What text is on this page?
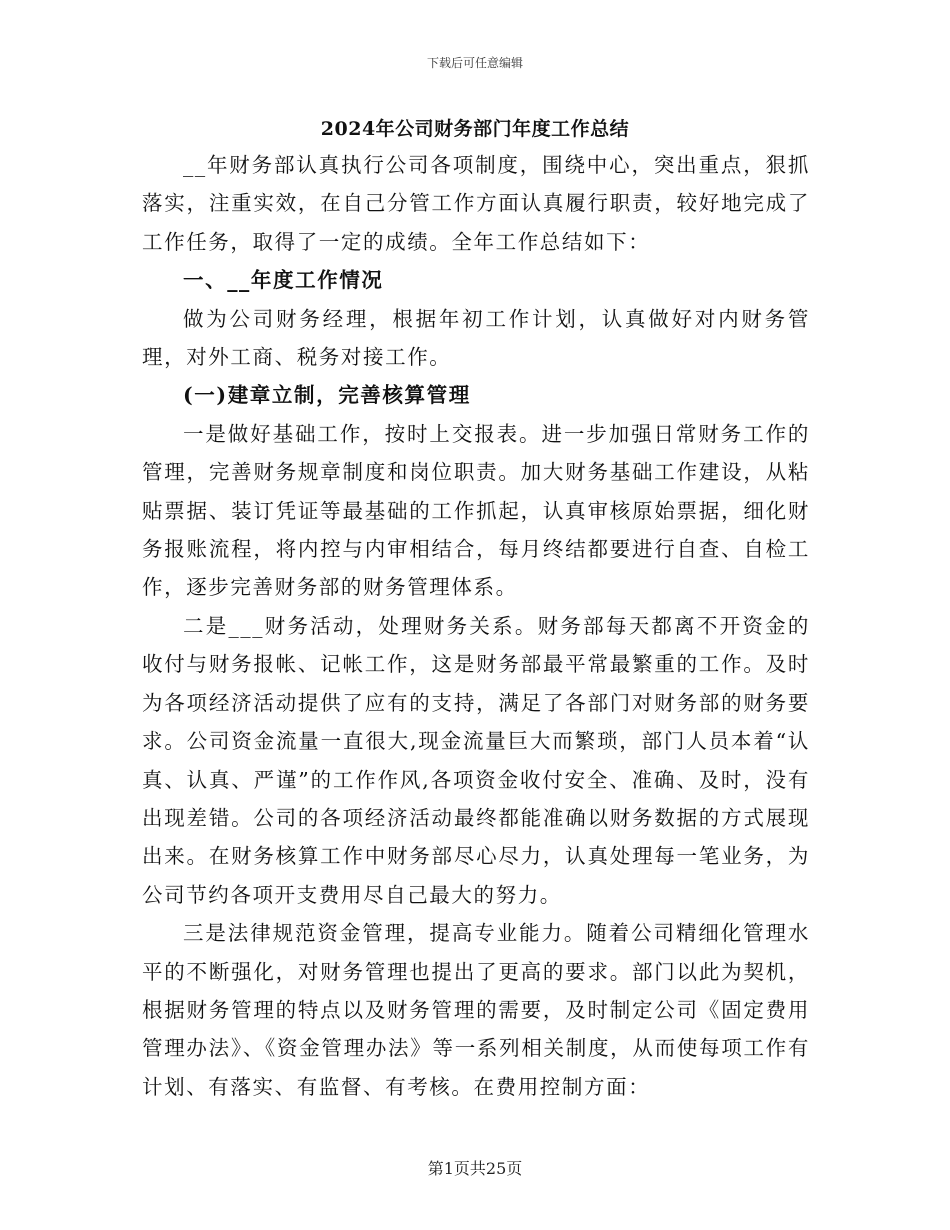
下载后可任意编辑
2024年公司财务部门年度工作总结

__年财务部认真执行公司各项制度，围绕中心，突出重点，狠抓落实，注重实效，在自己分管工作方面认真履行职责，较好地完成了工作任务，取得了一定的成绩。全年工作总结如下：

一、__年度工作情况

做为公司财务经理，根据年初工作计划，认真做好对内财务管理，对外工商、税务对接工作。

(一)建章立制，完善核算管理

一是做好基础工作，按时上交报表。进一步加强日常财务工作的管理，完善财务规章制度和岗位职责。加大财务基础工作建设，从粘贴票据、装订凭证等最基础的工作抓起，认真审核原始票据，细化财务报账流程，将内控与内审相结合，每月终结都要进行自查、自检工作，逐步完善财务部的财务管理体系。

二是___财务活动，处理财务关系。财务部每天都离不开资金的收付与财务报帐、记帐工作，这是财务部最平常最繁重的工作。及时为各项经济活动提供了应有的支持，满足了各部门对财务部的财务要求。公司资金流量一直很大,现金流量巨大而繁琐，部门人员本着“认真、认真、严谨”的工作作风,各项资金收付安全、准确、及时，没有出现差错。公司的各项经济活动最终都能准确以财务数据的方式展现出来。在财务核算工作中财务部尽心尽力，认真处理每一笔业务，为公司节约各项开支费用尽自己最大的努力。

三是法律规范资金管理，提高专业能力。随着公司精细化管理水平的不断强化，对财务管理也提出了更高的要求。部门以此为契机，根据财务管理的特点以及财务管理的需要，及时制定公司《固定费用管理办法》、《资金管理办法》等一系列相关制度，从而使每项工作有计划、有落实、有监督、有考核。在费用控制方面：

第1页共25页
